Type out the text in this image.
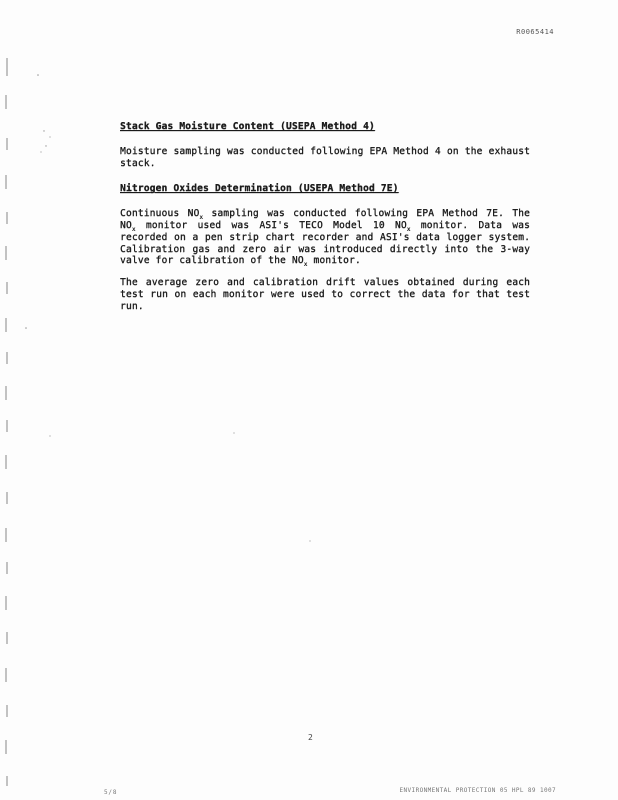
R0065414
Stack Gas Moisture Content (USEPA Method 4)

Moisture sampling was conducted following EPA Method 4 on the exhaust stack.

Nitrogen Oxides Determination (USEPA Method 7E)

Continuous $NO_x$ sampling was conducted following EPA Method 7E. The $NO_x$ monitor used was ASI's TECO Model 10 $NO_x$ monitor. Data was recorded on a pen strip chart recorder and ASI's data logger system. Calibration gas and zero air was introduced directly into the 3-way valve for calibration of the $NO_x$ monitor.

The average zero and calibration drift values obtained during each test run on each monitor were used to correct the data for that test run.

2
5/8	ENVIRONMENTAL PROTECTION 05 HPL 89 1007
